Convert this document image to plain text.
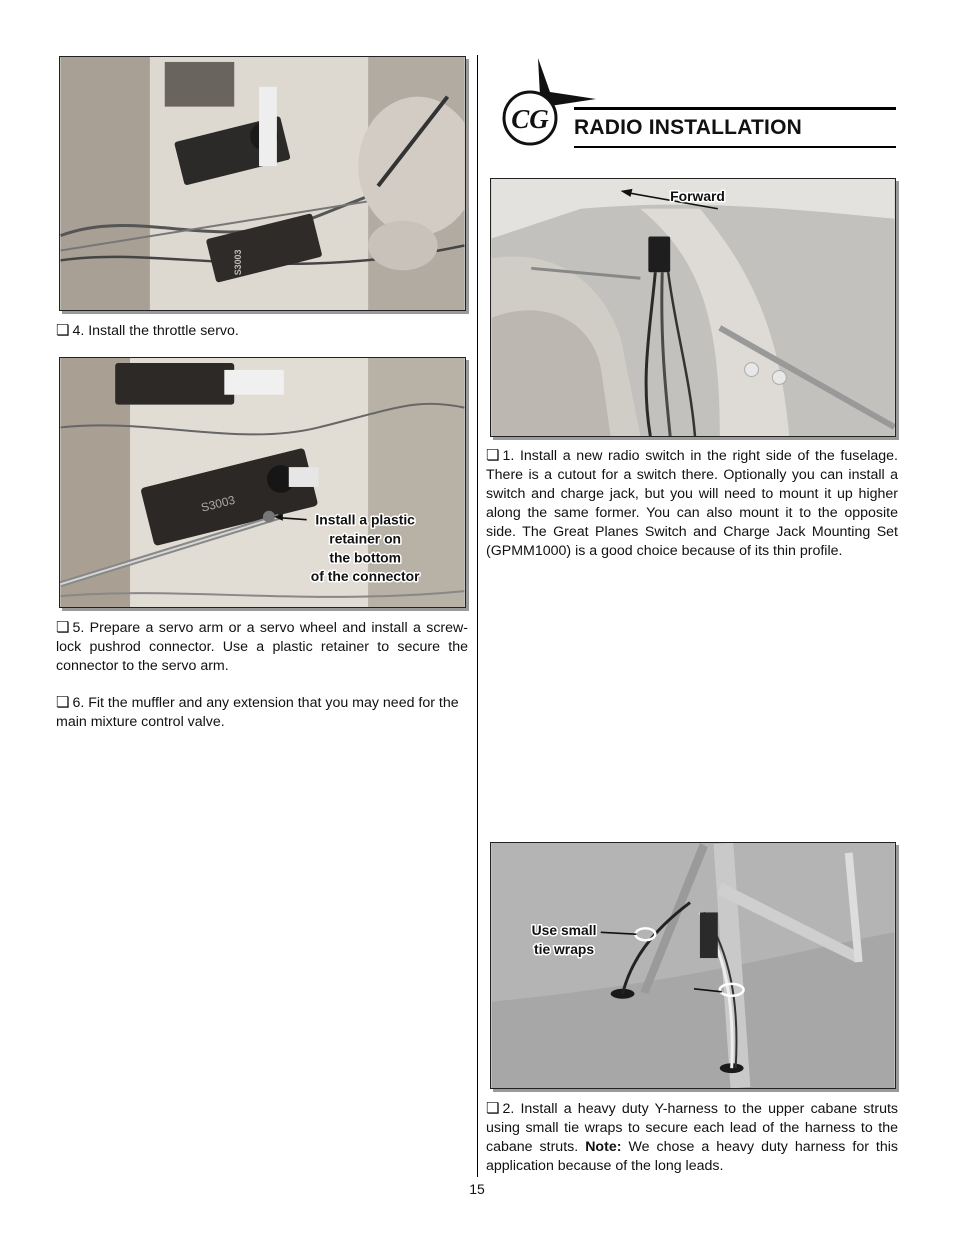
S3003

❏ 4. Install the throttle servo.

S3003
Install a plastic
retainer on
the bottom
of the connector

❏ 5. Prepare a servo arm or a servo wheel and install a screw-lock pushrod connector. Use a plastic retainer to secure the connector to the servo arm.

❏ 6. Fit the muffler and any extension that you may need for the main mixture control valve.

CG RADIO INSTALLATION
Forward

❏ 1. Install a new radio switch in the right side of the fuselage. There is a cutout for a switch there. Optionally you can install a switch and charge jack, but you will need to mount it up higher along the same former. You can also mount it to the opposite side. The Great Planes Switch and Charge Jack Mounting Set (GPMM1000) is a good choice because of its thin profile.

Use small
tie wraps

❏ 2. Install a heavy duty Y-harness to the upper cabane struts using small tie wraps to secure each lead of the harness to the cabane struts. Note: We chose a heavy duty harness for this application because of the long leads.

15
